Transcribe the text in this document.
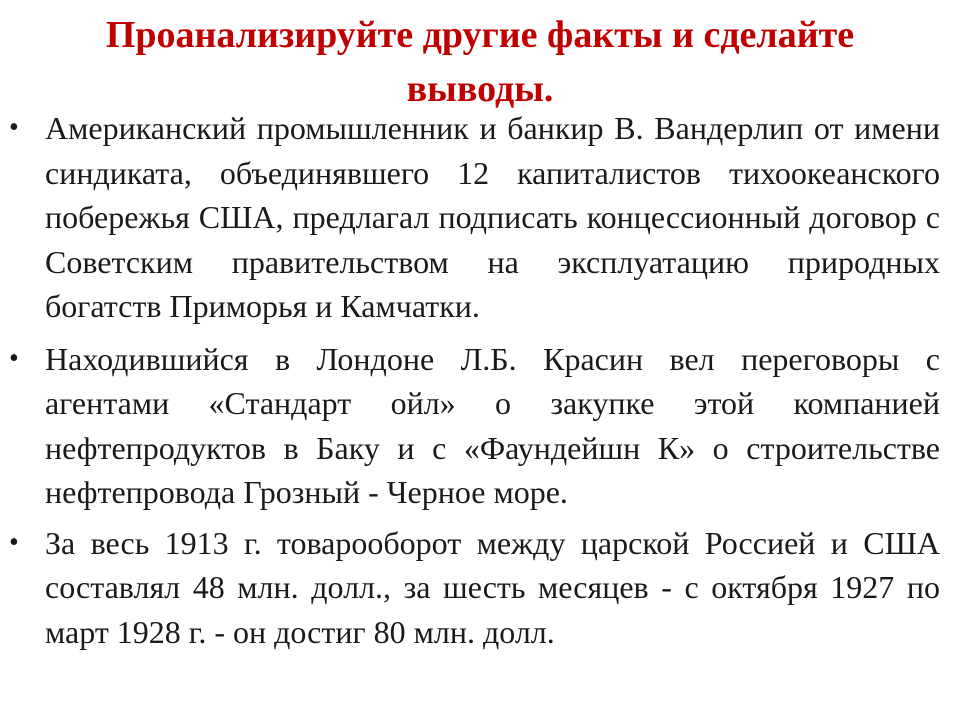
Проанализируйте другие факты и сделайте выводы.
• Американский промышленник и банкир В. Вандерлип от имени синдиката, объединявшего 12 капиталистов тихоокеанского побережья США, предлагал подписать концессионный договор с Советским правительством на эксплуатацию природных богатств Приморья и Камчатки.
• Находившийся в Лондоне Л.Б. Красин вел переговоры с агентами «Стандарт ойл» о закупке этой компанией нефтепродуктов в Баку и с «Фаундейшн К» о строительстве нефтепровода Грозный - Черное море.
• За весь 1913 г. товарооборот между царской Россией и США составлял 48 млн. долл., за шесть месяцев - с октября 1927 по март 1928 г. - он достиг 80 млн. долл.
